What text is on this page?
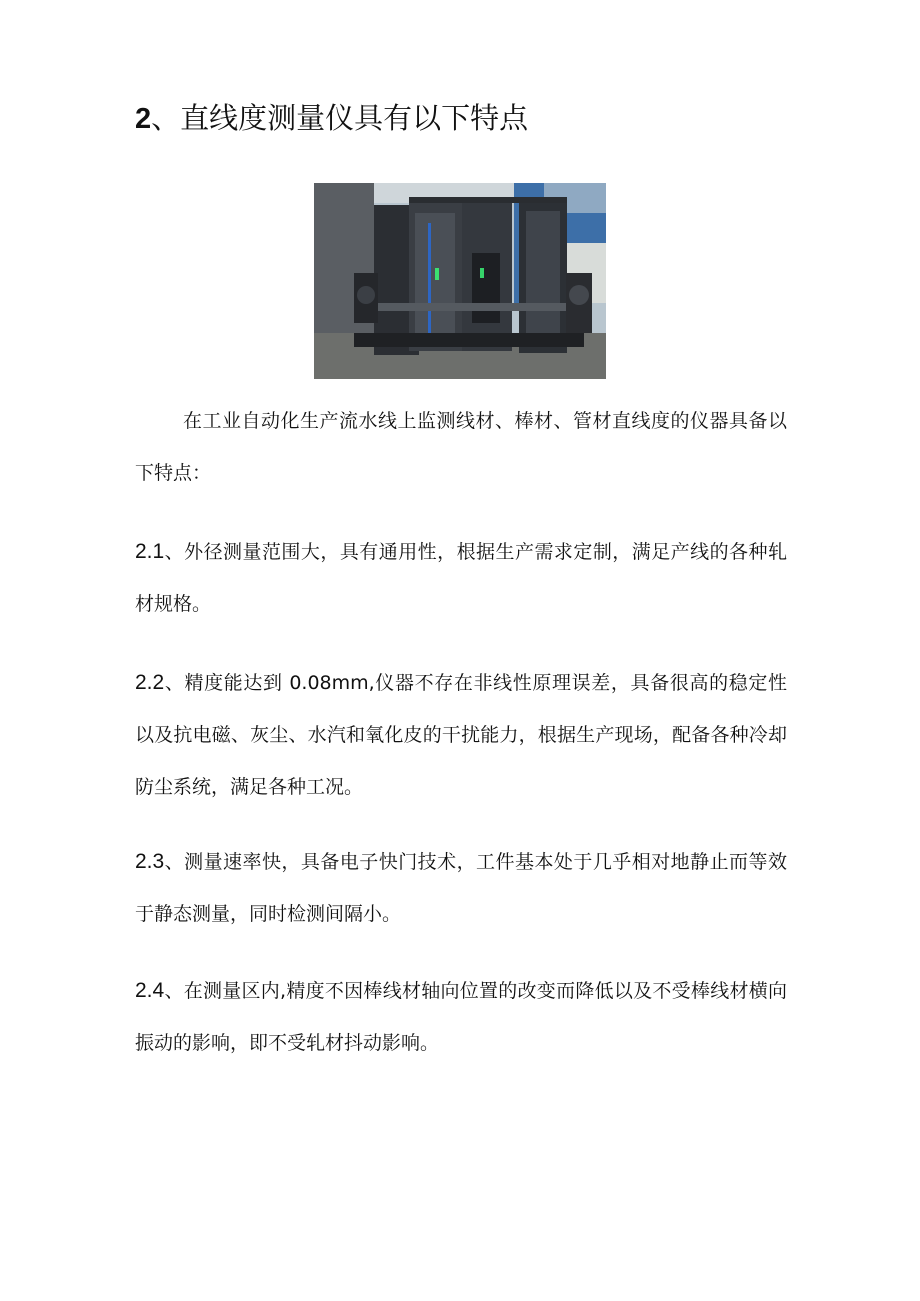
2、直线度测量仪具有以下特点
在工业自动化生产流水线上监测线材、棒材、管材直线度的仪器具备以下特点：
2.1、外径测量范围大，具有通用性，根据生产需求定制，满足产线的各种轧材规格。
2.2、精度能达到 0.08mm,仪器不存在非线性原理误差，具备很高的稳定性以及抗电磁、灰尘、水汽和氧化皮的干扰能力，根据生产现场，配备各种冷却防尘系统，满足各种工况。
2.3、测量速率快，具备电子快门技术，工件基本处于几乎相对地静止而等效于静态测量，同时检测间隔小。
2.4、在测量区内,精度不因棒线材轴向位置的改变而降低以及不受棒线材横向振动的影响，即不受轧材抖动影响。
